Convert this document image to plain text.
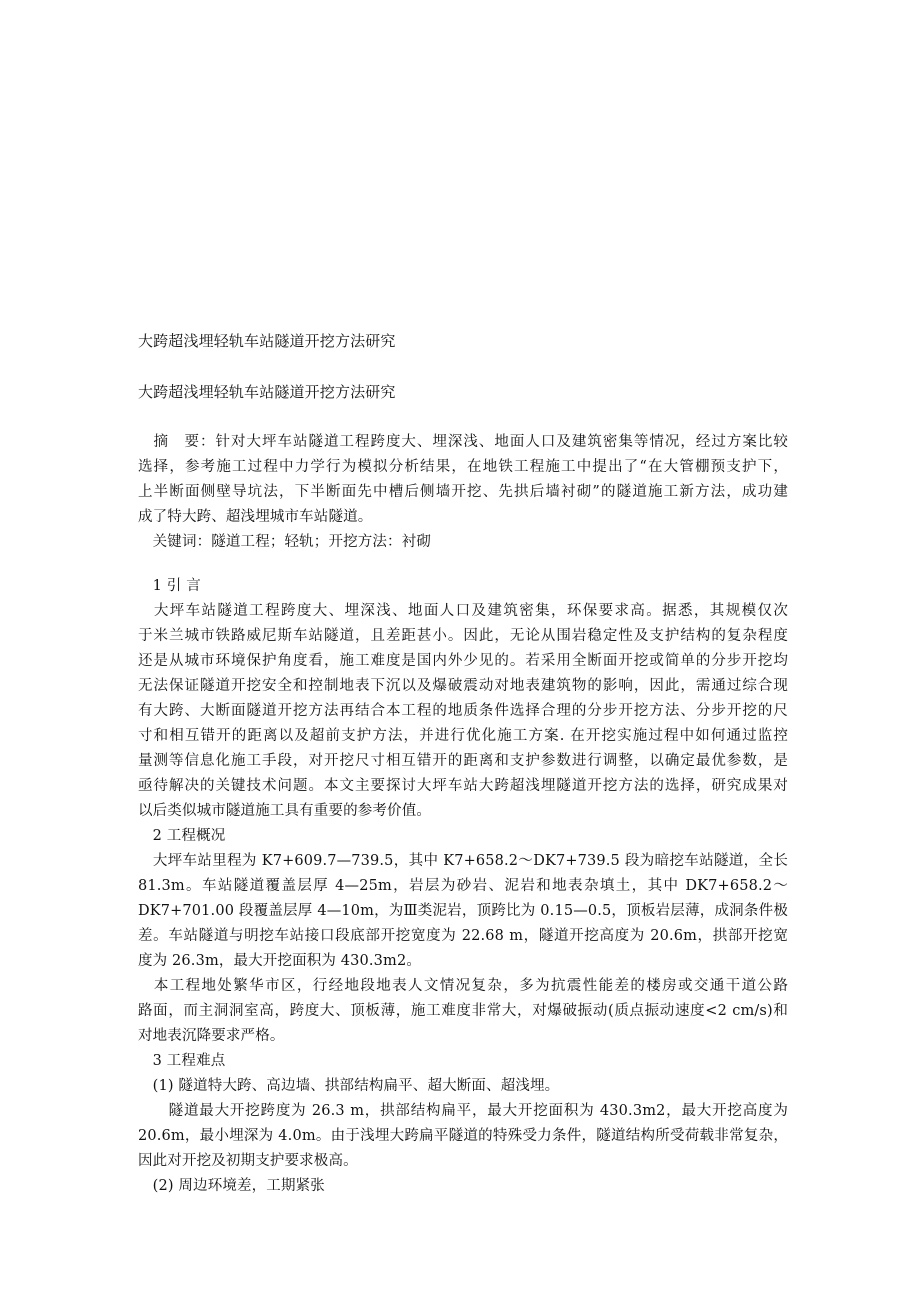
大跨超浅埋轻轨车站隧道开挖方法研究
大跨超浅埋轻轨车站隧道开挖方法研究
　摘　要：针对大坪车站隧道工程跨度大、埋深浅、地面人口及建筑密集等情况，经过方案比较
选择，参考施工过程中力学行为模拟分析结果，在地铁工程施工中提出了“在大管棚预支护下，
上半断面侧壁导坑法，下半断面先中槽后侧墙开挖、先拱后墙衬砌”的隧道施工新方法，成功建
成了特大跨、超浅埋城市车站隧道。
　关键词：隧道工程；轻轨；开挖方法：衬砌
　1 引 言
　大坪车站隧道工程跨度大、埋深浅、地面人口及建筑密集，环保要求高。据悉，其规模仅次
于米兰城市铁路威尼斯车站隧道，且差距甚小。因此，无论从围岩稳定性及支护结构的复杂程度
还是从城市环境保护角度看，施工难度是国内外少见的。若采用全断面开挖或简单的分步开挖均
无法保证隧道开挖安全和控制地表下沉以及爆破震动对地表建筑物的影响，因此，需通过综合现
有大跨、大断面隧道开挖方法再结合本工程的地质条件选择合理的分步开挖方法、分步开挖的尺
寸和相互错开的距离以及超前支护方法，并进行优化施工方案. 在开挖实施过程中如何通过监控
量测等信息化施工手段，对开挖尺寸相互错开的距离和支护参数进行调整，以确定最优参数，是
亟待解决的关键技术问题。本文主要探讨大坪车站大跨超浅埋隧道开挖方法的选择，研究成果对
以后类似城市隧道施工具有重要的参考价值。
　2 工程概况
　大坪车站里程为 K7+609.7—739.5，其中 K7+658.2～DK7+739.5 段为暗挖车站隧道，全长
81.3m。车站隧道覆盖层厚 4—25m，岩层为砂岩、泥岩和地表杂填土，其中 DK7+658.2～
DK7+701.00 段覆盖层厚 4—10m，为Ⅲ类泥岩，顶跨比为 0.15—0.5，顶板岩层薄，成洞条件极
差。车站隧道与明挖车站接口段底部开挖宽度为 22.68 m，隧道开挖高度为 20.6m，拱部开挖宽
度为 26.3m，最大开挖面积为 430.3m2。
　本工程地处繁华市区，行经地段地表人文情况复杂，多为抗震性能差的楼房或交通干道公路
路面，而主洞洞室高，跨度大、顶板薄，施工难度非常大，对爆破振动(质点振动速度<2 cm/s)和
对地表沉降要求严格。
　3 工程难点
　(1) 隧道特大跨、高边墙、拱部结构扁平、超大断面、超浅埋。
　　隧道最大开挖跨度为 26.3 m，拱部结构扁平，最大开挖面积为 430.3m2，最大开挖高度为
20.6m，最小埋深为 4.0m。由于浅埋大跨扁平隧道的特殊受力条件，隧道结构所受荷载非常复杂，
因此对开挖及初期支护要求极高。
　(2) 周边环境差，工期紧张
